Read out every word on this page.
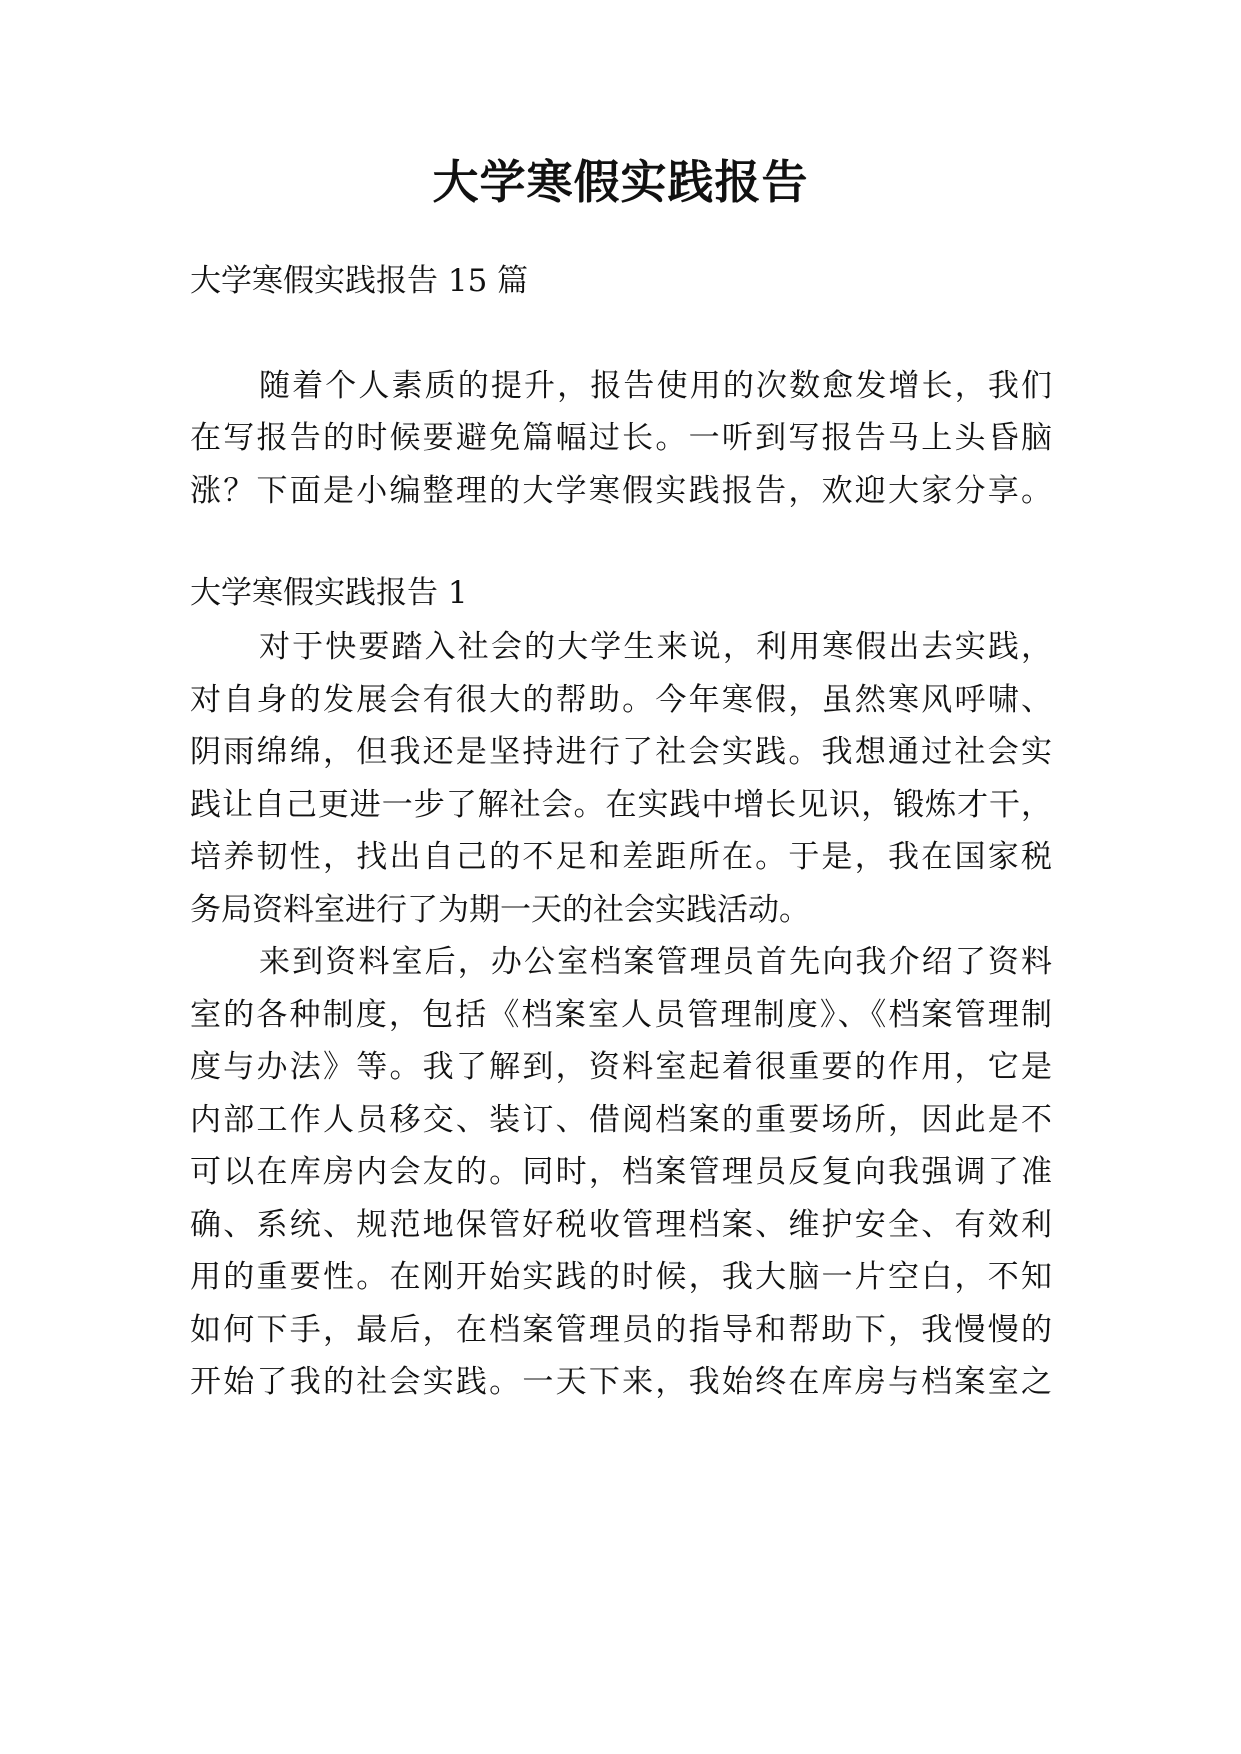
大学寒假实践报告
大学寒假实践报告 15 篇
随着个人素质的提升，报告使用的次数愈发增长，我们
在写报告的时候要避免篇幅过长。一听到写报告马上头昏脑
涨？下面是小编整理的大学寒假实践报告，欢迎大家分享。
大学寒假实践报告 1
对于快要踏入社会的大学生来说，利用寒假出去实践，
对自身的发展会有很大的帮助。今年寒假，虽然寒风呼啸、
阴雨绵绵，但我还是坚持进行了社会实践。我想通过社会实
践让自己更进一步了解社会。在实践中增长见识，锻炼才干，
培养韧性，找出自己的不足和差距所在。于是，我在国家税
务局资料室进行了为期一天的社会实践活动。
来到资料室后，办公室档案管理员首先向我介绍了资料
室的各种制度，包括《档案室人员管理制度》、《档案管理制
度与办法》等。我了解到，资料室起着很重要的作用，它是
内部工作人员移交、装订、借阅档案的重要场所，因此是不
可以在库房内会友的。同时，档案管理员反复向我强调了准
确、系统、规范地保管好税收管理档案、维护安全、有效利
用的重要性。在刚开始实践的时候，我大脑一片空白，不知
如何下手，最后，在档案管理员的指导和帮助下，我慢慢的
开始了我的社会实践。一天下来，我始终在库房与档案室之
